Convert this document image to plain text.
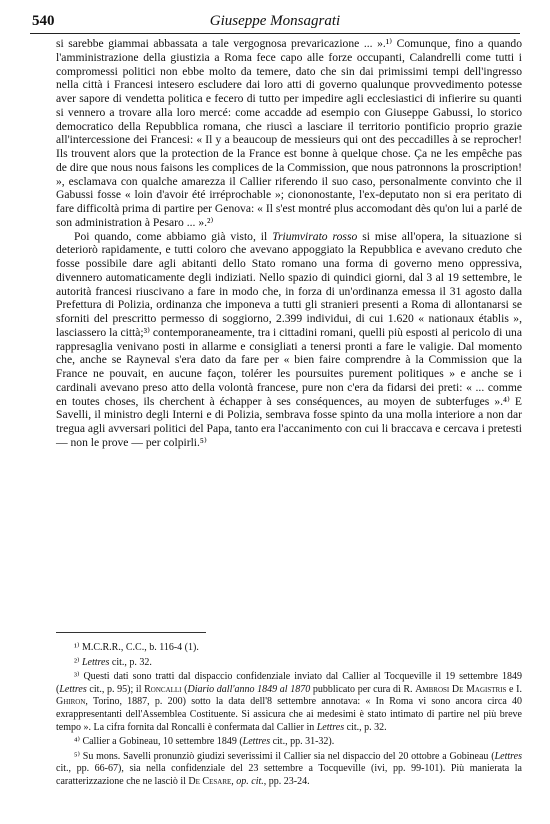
540	Giuseppe Monsagrati

si sarebbe giammai abbassata a tale vergognosa prevaricazione ... ».¹⁾ Comunque, fino a quando l'amministrazione della giustizia a Roma fece capo alle forze occupanti, Calandrelli come tutti i compromessi politici non ebbe molto da temere, dato che sin dai primissimi tempi dell'ingresso nella città i Francesi intesero escludere dai loro atti di governo qualunque provvedimento potesse aver sapore di vendetta politica e fecero di tutto per impedire agli ecclesiastici di infierire su quanti si vennero a trovare alla loro mercé: come accadde ad esempio con Giuseppe Gabussi, lo storico democratico della Repubblica romana, che riuscì a lasciare il territorio pontificio proprio grazie all'intercessione dei Francesi: « Il y a beaucoup de messieurs qui ont des peccadilles à se reprocher! Ils trouvent alors que la protection de la France est bonne à quelque chose. Ça ne les empêche pas de dire que nous nous faisons les complices de la Commission, que nous patronnons la proscription! », esclamava con qualche amarezza il Callier riferendo il suo caso, personalmente convinto che il Gabussi fosse « loin d'avoir été irréprochable »; ciononostante, l'ex-deputato non si era peritato di fare difficoltà prima di partire per Genova: « Il s'est montré plus accomodant dès qu'on lui a parlé de son administration à Pesaro ... ».²⁾

Poi quando, come abbiamo già visto, il Triumvirato rosso si mise all'opera, la situazione si deteriorò rapidamente, e tutti coloro che avevano appoggiato la Repubblica e avevano creduto che fosse possibile dare agli abitanti dello Stato romano una forma di governo meno oppressiva, divennero automaticamente degli indiziati. Nello spazio di quindici giorni, dal 3 al 19 settembre, le autorità francesi riuscivano a fare in modo che, in forza di un'ordinanza emessa il 31 agosto dalla Prefettura di Polizia, ordinanza che imponeva a tutti gli stranieri presenti a Roma di allontanarsi se sforniti del prescritto permesso di soggiorno, 2.399 individui, di cui 1.620 « nationaux établis », lasciassero la città;³⁾ contemporaneamente, tra i cittadini romani, quelli più esposti al pericolo di una rappresaglia venivano posti in allarme e consigliati a tenersi pronti a fare le valigie. Dal momento che, anche se Rayneval s'era dato da fare per « bien faire comprendre à la Commission que la France ne pouvait, en aucune façon, tolérer les poursuites purement politiques » e anche se i cardinali avevano preso atto della volontà francese, pure non c'era da fidarsi dei preti: « ... comme en toutes choses, ils cherchent à échapper à ses conséquences, au moyen de subterfuges ».⁴⁾ E Savelli, il ministro degli Interni e di Polizia, sembrava fosse spinto da una molla interiore a non dar tregua agli avversari politici del Papa, tanto era l'accanimento con cui li braccava e cercava i pretesti — non le prove — per colpirli.⁵⁾

¹⁾ M.C.R.R., C.C., b. 116-4 (1).

²⁾ Lettres cit., p. 32.

³⁾ Questi dati sono tratti dal dispaccio confidenziale inviato dal Callier al Tocqueville il 19 settembre 1849 (Lettres cit., p. 95); il Roncalli (Diario dall'anno 1849 al 1870 pubblicato per cura di R. Ambrosi De Magistris e I. Ghiron, Torino, 1887, p. 200) sotto la data dell'8 settembre annotava: « In Roma vi sono ancora circa 40 exrappresentanti dell'Assemblea Costituente. Si assicura che ai medesimi è stato intimato di partire nel più breve tempo ». La cifra fornita dal Roncalli è confermata dal Callier in Lettres cit., p. 32.

⁴⁾ Callier a Gobineau, 10 settembre 1849 (Lettres cit., pp. 31-32).

⁵⁾ Su mons. Savelli pronunziò giudizi severissimi il Callier sia nel dispaccio del 20 ottobre a Gobineau (Lettres cit., pp. 66-67), sia nella confidenziale del 23 settembre a Tocqueville (ivi, pp. 99-101). Più manierata la caratterizzazione che ne lasciò il De Cesare, op. cit., pp. 23-24.
